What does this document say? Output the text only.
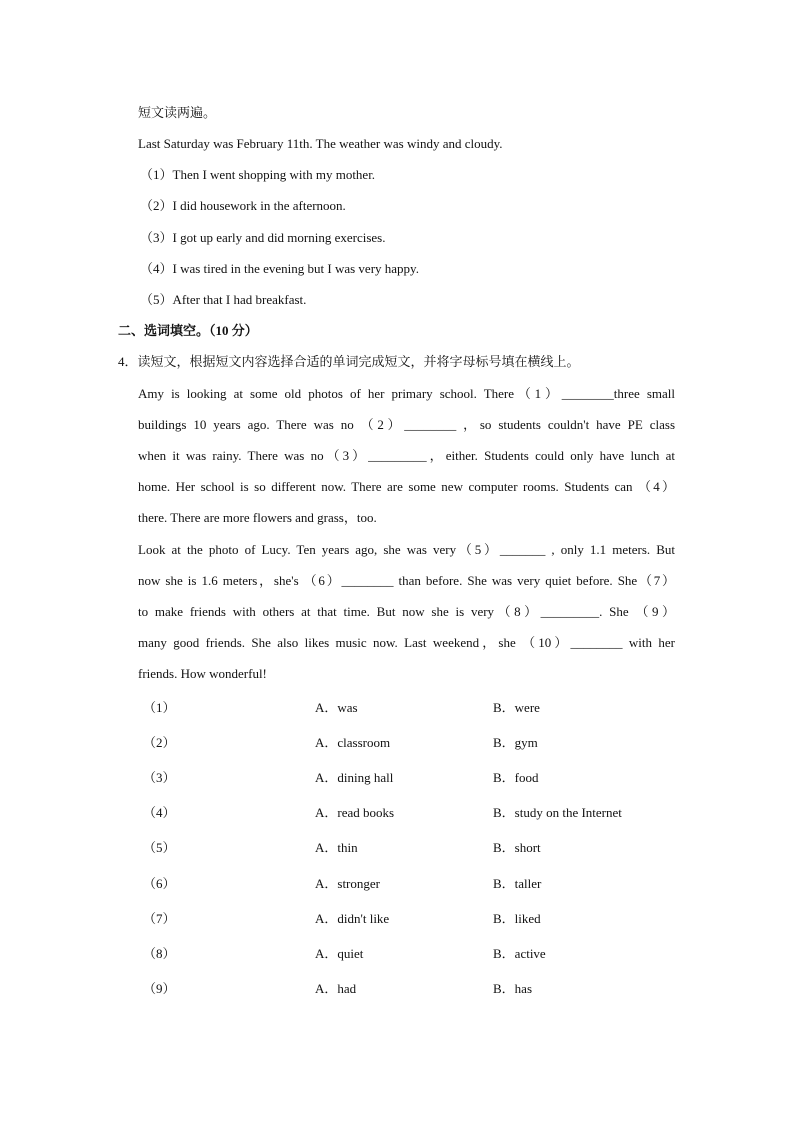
短文读两遍。
Last Saturday was February 11th. The weather was windy and cloudy.
（1）Then I went shopping with my mother.
（2）I did housework in the afternoon.
（3）I got up early and did morning exercises.
（4）I was tired in the evening but I was very happy.
（5）After that I had breakfast.
二、选词填空。（10 分）
4．读短文，根据短文内容选择合适的单词完成短文，并将字母标号填在横线上。
Amy is looking at some old photos of her primary school. There（1）________three small
buildings 10 years ago. There was no （2）________ ，so students couldn't have PE class
when it was rainy. There was no（3）_________，either. Students could only have lunch at
home. Her school is so different now. There are some new computer rooms. Students can （4）
there. There are more flowers and grass，too.
Look at the photo of Lucy. Ten years ago, she was very（5）_______ , only 1.1 meters. But
now she is 1.6 meters，she's （6）________ than before. She was very quiet before. She（7）
to make friends with others at that time. But now she is very（8）_________. She （9）
many good friends. She also likes music now. Last weekend，she （10）________ with her
friends. How wonderful!
（1）	A．was	B．were
（2）	A．classroom	B．gym
（3）	A．dining hall	B．food
（4）	A．read books	B．study on the Internet
（5）	A．thin	B．short
（6）	A．stronger	B．taller
（7）	A．didn't like	B．liked
（8）	A．quiet	B．active
（9）	A．had	B．has
